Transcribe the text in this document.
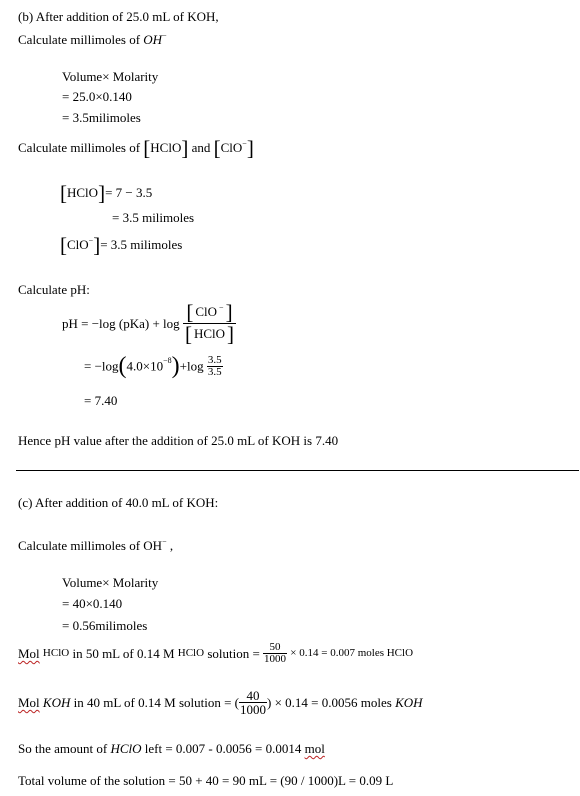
(b) After addition of 25.0 mL of KOH,
Calculate millimoles of OH−
Volume× Molarity
= 25.0×0.140
= 3.5milimoles
Calculate millimoles of [HClO] and [ClO−]
[HClO]= 7 − 3.5
= 3.5 milimoles
[ClO−]= 3.5 milimoles
Calculate pH:
pH = −log $(pKa) + \log \frac{[ ClO ^-]}{\text{[ HClO]}}$
= $-\log(4.0\times 10^{-8})+\log \frac{3.5}{3.5}$
= 7.40
Hence pH value after the addition of 25.0 mL of KOH is 7.40
(c) After addition of 40.0 mL of KOH:
Calculate millimoles of OH− ,
Volume× Molarity
= 40×0.140
= 0.56milimoles
Mol HClO in 50 mL of 0.14 M HClO solution = $\frac{50}{1000} \times 0.14 = 0.007$ moles HClO
Mol KOH in 40 mL of 0.14 M solution = ( $\frac{40}{1000}$ ) × 0.14 = 0.0056 moles KOH
So the amount of HClO left = 0.007 - 0.0056 = 0.0014 mol
Total volume of the solution = 50 + 40 = 90 mL = (90 / 1000)L = 0.09 L
